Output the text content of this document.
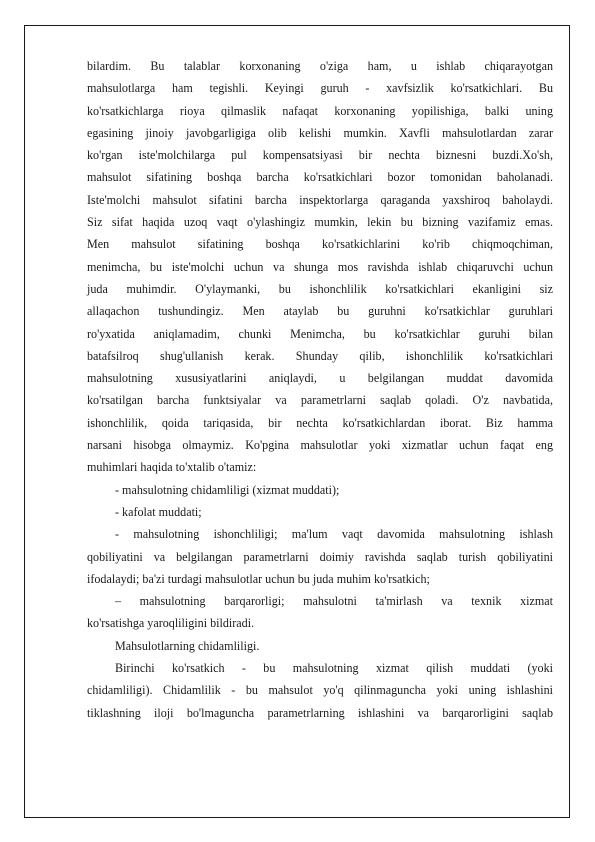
bilardim. Bu talablar korxonaning o'ziga ham, u ishlab chiqarayotgan

mahsulotlarga ham tegishli. Keyingi guruh - xavfsizlik ko'rsatkichlari. Bu

ko'rsatkichlarga rioya qilmaslik nafaqat korxonaning yopilishiga, balki uning

egasining jinoiy javobgarligiga olib kelishi mumkin. Xavfli mahsulotlardan zarar

ko'rgan iste'molchilarga pul kompensatsiyasi bir nechta biznesni buzdi.Xo'sh,

mahsulot sifatining boshqa barcha ko'rsatkichlari bozor tomonidan baholanadi.

Iste'molchi mahsulot sifatini barcha inspektorlarga qaraganda yaxshiroq baholaydi.

Siz sifat haqida uzoq vaqt o'ylashingiz mumkin, lekin bu bizning vazifamiz emas.

Men mahsulot sifatining boshqa ko'rsatkichlarini ko'rib chiqmoqchiman,

menimcha, bu iste'molchi uchun va shunga mos ravishda ishlab chiqaruvchi uchun

juda muhimdir. O'ylaymanki, bu ishonchlilik ko'rsatkichlari ekanligini siz

allaqachon tushundingiz. Men ataylab bu guruhni ko'rsatkichlar guruhlari

ro'yxatida aniqlamadim, chunki Menimcha, bu ko'rsatkichlar guruhi bilan

batafsilroq shug'ullanish kerak. Shunday qilib, ishonchlilik ko'rsatkichlari

mahsulotning xususiyatlarini aniqlaydi, u belgilangan muddat davomida

ko'rsatilgan barcha funktsiyalar va parametrlarni saqlab qoladi. O'z navbatida,

ishonchlilik, qoida tariqasida, bir nechta ko'rsatkichlardan iborat. Biz hamma

narsani hisobga olmaymiz. Ko'pgina mahsulotlar yoki xizmatlar uchun faqat eng

muhimlari haqida to'xtalib o'tamiz:

- mahsulotning chidamliligi (xizmat muddati);

- kafolat muddati;

- mahsulotning ishonchliligi; ma'lum vaqt davomida mahsulotning ishlash

qobiliyatini va belgilangan parametrlarni doimiy ravishda saqlab turish qobiliyatini

ifodalaydi; ba'zi turdagi mahsulotlar uchun bu juda muhim ko'rsatkich;

– mahsulotning barqarorligi; mahsulotni ta'mirlash va texnik xizmat

ko'rsatishga yaroqliligini bildiradi.

Mahsulotlarning chidamliligi.

Birinchi ko'rsatkich - bu mahsulotning xizmat qilish muddati (yoki

chidamliligi). Chidamlilik - bu mahsulot yo'q qilinmaguncha yoki uning ishlashini

tiklashning iloji bo'lmaguncha parametrlarning ishlashini va barqarorligini saqlab
